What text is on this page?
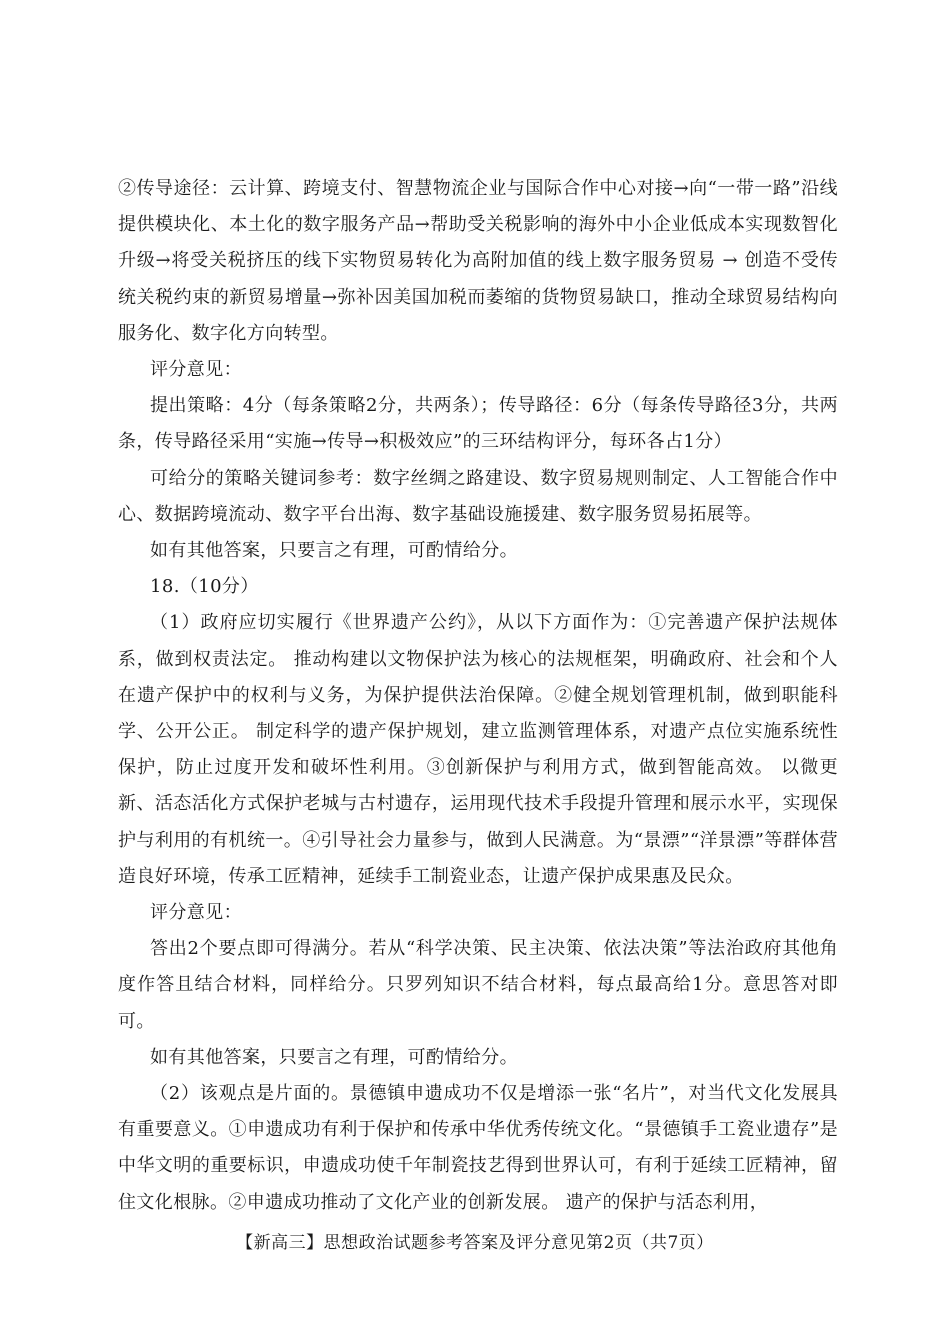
②传导途径：云计算、跨境支付、智慧物流企业与国际合作中心对接→向“一带一路”沿线提供模块化、本土化的数字服务产品→帮助受关税影响的海外中小企业低成本实现数智化升级→将受关税挤压的线下实物贸易转化为高附加值的线上数字服务贸易 → 创造不受传统关税约束的新贸易增量→弥补因美国加税而萎缩的货物贸易缺口，推动全球贸易结构向服务化、数字化方向转型。

评分意见：

提出策略：4分（每条策略2分，共两条）；传导路径：6分（每条传导路径3分，共两条，传导路径采用“实施→传导→积极效应”的三环结构评分，每环各占1分）

可给分的策略关键词参考：数字丝绸之路建设、数字贸易规则制定、人工智能合作中心、数据跨境流动、数字平台出海、数字基础设施援建、数字服务贸易拓展等。

如有其他答案，只要言之有理，可酌情给分。

18.（10分）

（1）政府应切实履行《世界遗产公约》，从以下方面作为：①完善遗产保护法规体系，做到权责法定。 推动构建以文物保护法为核心的法规框架，明确政府、社会和个人在遗产保护中的权利与义务，为保护提供法治保障。②健全规划管理机制，做到职能科学、公开公正。 制定科学的遗产保护规划，建立监测管理体系，对遗产点位实施系统性保护，防止过度开发和破坏性利用。③创新保护与利用方式，做到智能高效。 以微更新、活态活化方式保护老城与古村遗存，运用现代技术手段提升管理和展示水平，实现保护与利用的有机统一。④引导社会力量参与，做到人民满意。为“景漂”“洋景漂”等群体营造良好环境，传承工匠精神，延续手工制瓷业态，让遗产保护成果惠及民众。

评分意见：

答出2个要点即可得满分。若从“科学决策、民主决策、依法决策”等法治政府其他角度作答且结合材料，同样给分。只罗列知识不结合材料，每点最高给1分。意思答对即可。

如有其他答案，只要言之有理，可酌情给分。

（2）该观点是片面的。景德镇申遗成功不仅是增添一张“名片”，对当代文化发展具有重要意义。①申遗成功有利于保护和传承中华优秀传统文化。“景德镇手工瓷业遗存”是中华文明的重要标识，申遗成功使千年制瓷技艺得到世界认可，有利于延续工匠精神，留住文化根脉。②申遗成功推动了文化产业的创新发展。 遗产的保护与活态利用，

【新高三】思想政治试题参考答案及评分意见第2页（共7页）
